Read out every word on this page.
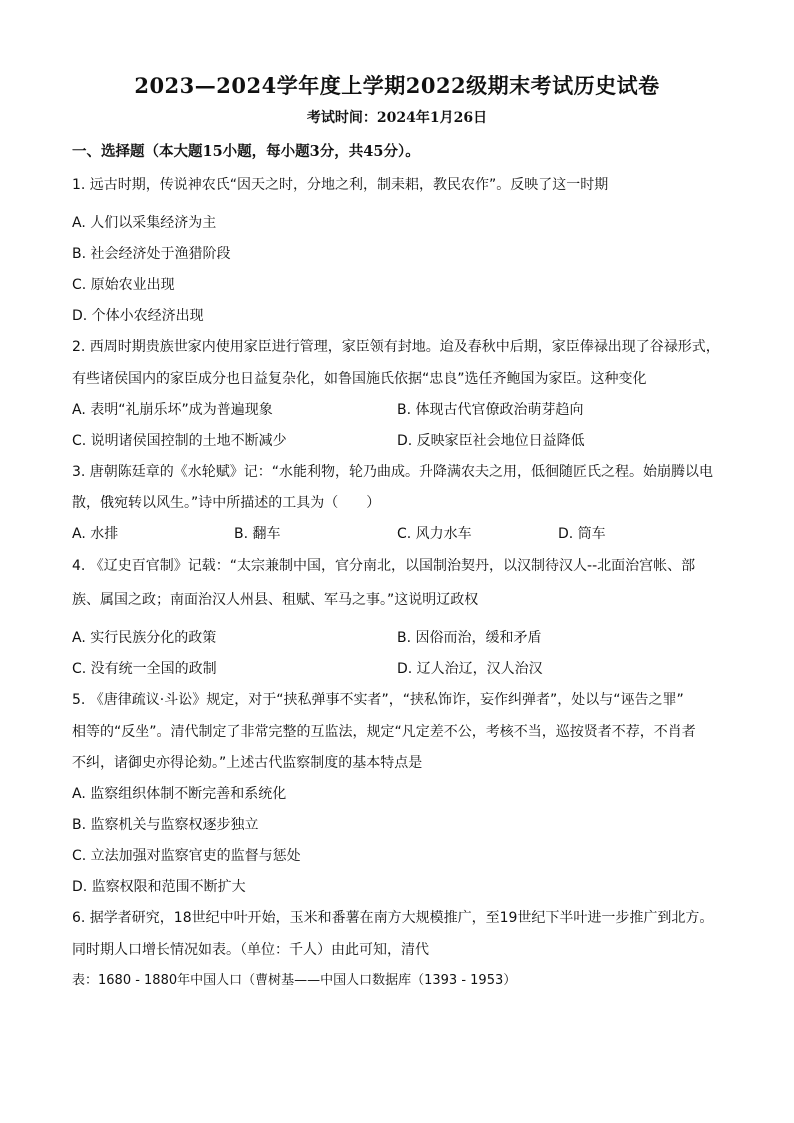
2023—2024学年度上学期2022级期末考试历史试卷
考试时间：2024年1月26日
一、选择题（本大题15小题，每小题3分，共45分）。
1. 远古时期，传说神农氏“因天之时，分地之利，制耒耜，教民农作”。反映了这一时期
A. 人们以采集经济为主
B. 社会经济处于渔猎阶段
C. 原始农业出现
D. 个体小农经济出现
2. 西周时期贵族世家内使用家臣进行管理，家臣领有封地。迨及春秋中后期，家臣俸禄出现了谷禄形式，
有些诸侯国内的家臣成分也日益复杂化，如鲁国施氏依据“忠良”选任齐鲍国为家臣。这种变化
A. 表明“礼崩乐坏”成为普遍现象	B. 体现古代官僚政治萌芽趋向
C. 说明诸侯国控制的土地不断减少	D. 反映家臣社会地位日益降低
3. 唐朝陈廷章的《水轮赋》记：“水能利物，轮乃曲成。升降满农夫之用，低徊随匠氏之程。始崩腾以电
散，俄宛转以风生。”诗中所描述的工具为（　　）
A. 水排	B. 翻车	C. 风力水车	D. 筒车
4. 《辽史百官制》记载：“太宗兼制中国，官分南北，以国制治契丹，以汉制待汉人--北面治宫帐、部
族、属国之政；南面治汉人州县、租赋、军马之事。”这说明辽政权
A. 实行民族分化的政策	B. 因俗而治，缓和矛盾
C. 没有统一全国的政制	D. 辽人治辽，汉人治汉
5. 《唐律疏议·斗讼》规定，对于“挟私弹事不实者”，“挟私饰诈，妄作纠弹者”，处以与“诬告之罪”
相等的“反坐”。清代制定了非常完整的互监法，规定“凡定差不公，考核不当，巡按贤者不荐，不肖者
不纠，诸御史亦得论劾。”上述古代监察制度的基本特点是
A. 监察组织体制不断完善和系统化
B. 监察机关与监察权逐步独立
C. 立法加强对监察官吏的监督与惩处
D. 监察权限和范围不断扩大
6. 据学者研究，18世纪中叶开始，玉米和番薯在南方大规模推广，至19世纪下半叶进一步推广到北方。
同时期人口增长情况如表。（单位：千人）由此可知，清代
表：1680 - 1880年中国人口（曹树基——中国人口数据库（1393 - 1953）
